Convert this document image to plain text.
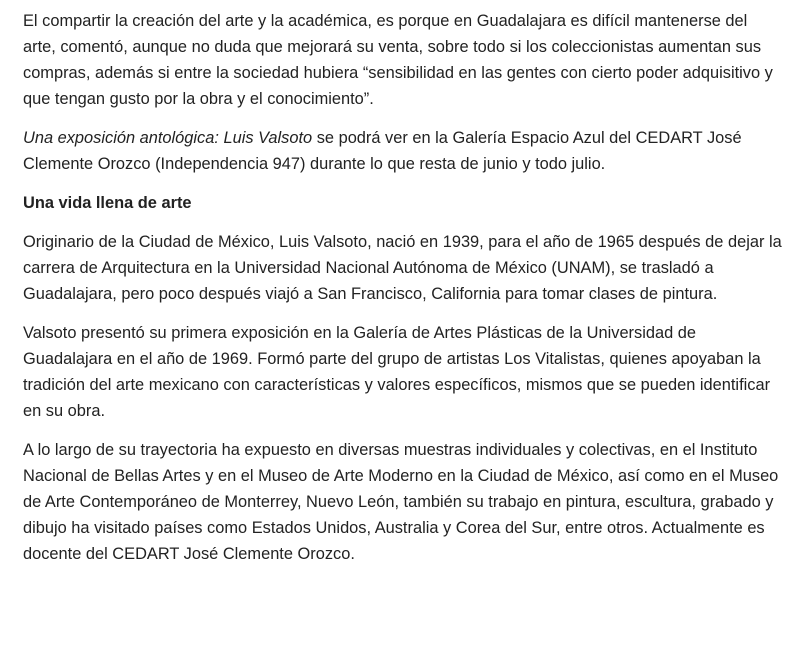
El compartir la creación del arte y la académica, es porque en Guadalajara es difícil mantenerse del arte, comentó, aunque no duda que mejorará su venta, sobre todo si los coleccionistas aumentan sus compras, además si entre la sociedad hubiera “sensibilidad en las gentes con cierto poder adquisitivo y que tengan gusto por la obra y el conocimiento”.

Una exposición antológica: Luis Valsoto se podrá ver en la Galería Espacio Azul del CEDART José Clemente Orozco (Independencia 947) durante lo que resta de junio y todo julio.

Una vida llena de arte

Originario de la Ciudad de México, Luis Valsoto, nació en 1939, para el año de 1965 después de dejar la carrera de Arquitectura en la Universidad Nacional Autónoma de México (UNAM), se trasladó a Guadalajara, pero poco después viajó a San Francisco, California para tomar clases de pintura.

Valsoto presentó su primera exposición en la Galería de Artes Plásticas de la Universidad de Guadalajara en el año de 1969. Formó parte del grupo de artistas Los Vitalistas, quienes apoyaban la tradición del arte mexicano con características y valores específicos, mismos que se pueden identificar en su obra.

A lo largo de su trayectoria ha expuesto en diversas muestras individuales y colectivas, en el Instituto Nacional de Bellas Artes y en el Museo de Arte Moderno en la Ciudad de México, así como en el Museo de Arte Contemporáneo de Monterrey, Nuevo León, también su trabajo en pintura, escultura, grabado y dibujo ha visitado países como Estados Unidos, Australia y Corea del Sur, entre otros. Actualmente es docente del CEDART José Clemente Orozco.
